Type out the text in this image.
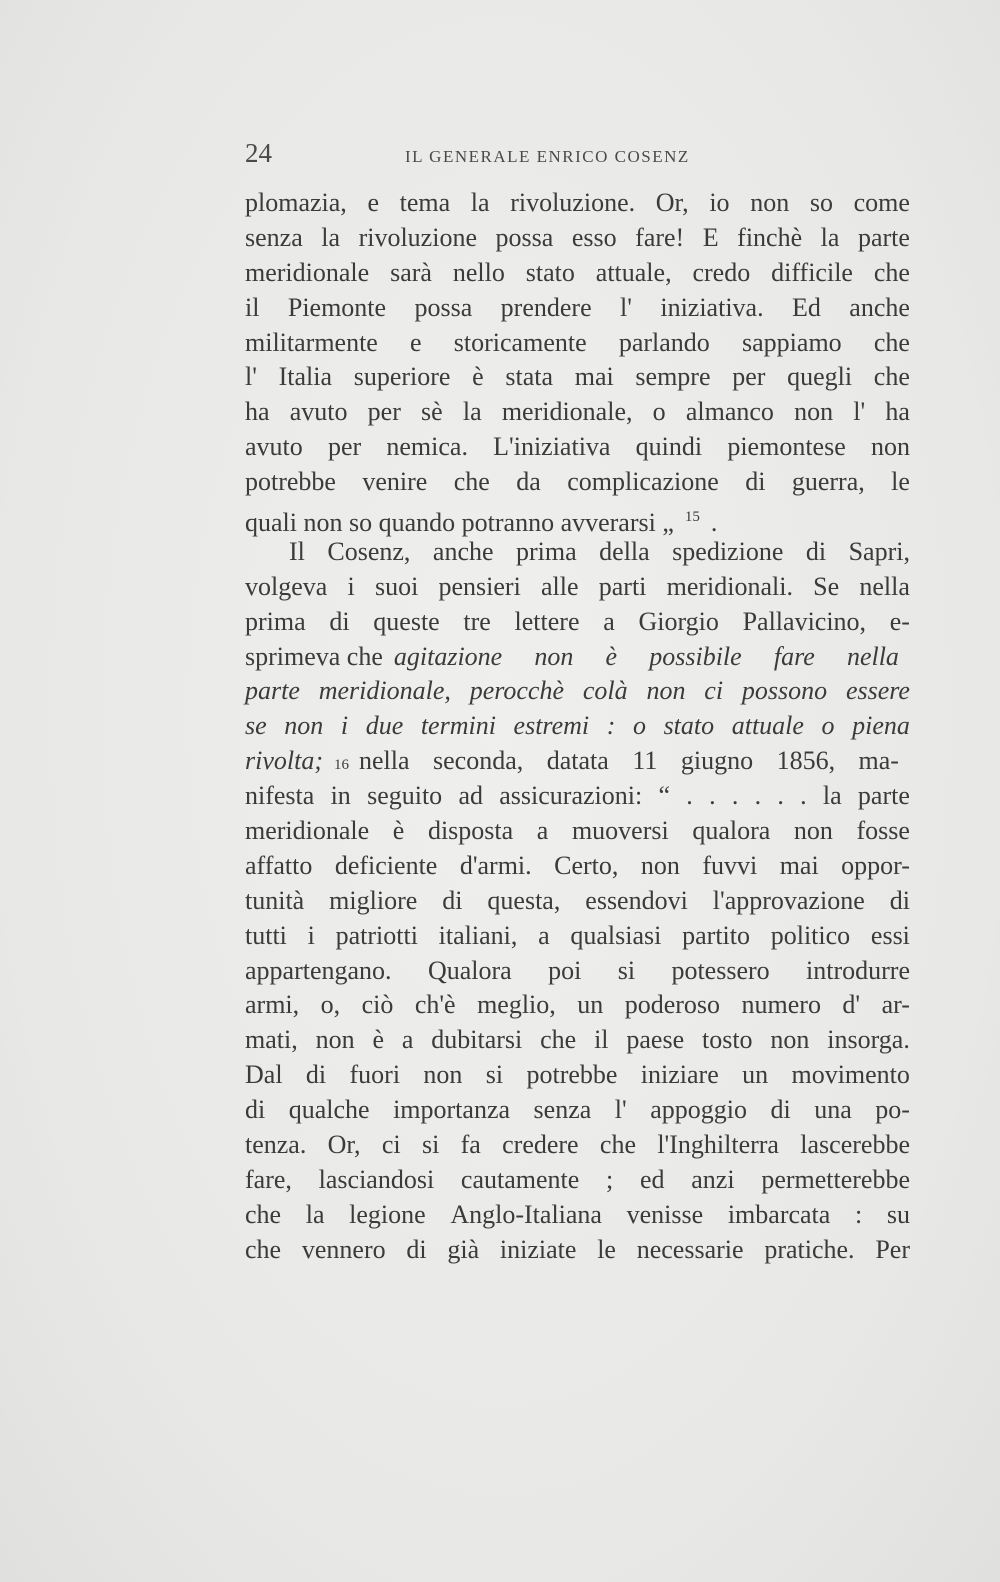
24	IL GENERALE ENRICO COSENZ
plomazia, e tema la rivoluzione. Or, io non so come
senza la rivoluzione possa esso fare! E finchè la parte
meridionale sarà nello stato attuale, credo difficile che
il Piemonte possa prendere l' iniziativa. Ed anche
militarmente e storicamente parlando sappiamo che
l' Italia superiore è stata mai sempre per quegli che
ha avuto per sè la meridionale, o almanco non l' ha
avuto per nemica. L'iniziativa quindi piemontese non
potrebbe venire che da complicazione di guerra, le
quali non so quando potranno avverarsi „ $^{15}$ .
Il Cosenz, anche prima della spedizione di Sapri,
volgeva i suoi pensieri alle parti meridionali. Se nella
prima di queste tre lettere a Giorgio Pallavicino, e-
sprimeva che agitazione non è possibile fare nella
parte meridionale, perocchè colà non ci possono essere
se non i due termini estremi : o stato attuale o piena
rivolta; 16 nella seconda, datata 11 giugno 1856, ma-
nifesta in seguito ad assicurazioni: “ . . . . . . la parte
meridionale è disposta a muoversi qualora non fosse
affatto deficiente d'armi. Certo, non fuvvi mai oppor-
tunità migliore di questa, essendovi l'approvazione di
tutti i patriotti italiani, a qualsiasi partito politico essi
appartengano. Qualora poi si potessero introdurre
armi, o, ciò ch'è meglio, un poderoso numero d' ar-
mati, non è a dubitarsi che il paese tosto non insorga.
Dal di fuori non si potrebbe iniziare un movimento
di qualche importanza senza l' appoggio di una po-
tenza. Or, ci si fa credere che l'Inghilterra lascerebbe
fare, lasciandosi cautamente ; ed anzi permetterebbe
che la legione Anglo-Italiana venisse imbarcata : su
che vennero di già iniziate le necessarie pratiche. Per
